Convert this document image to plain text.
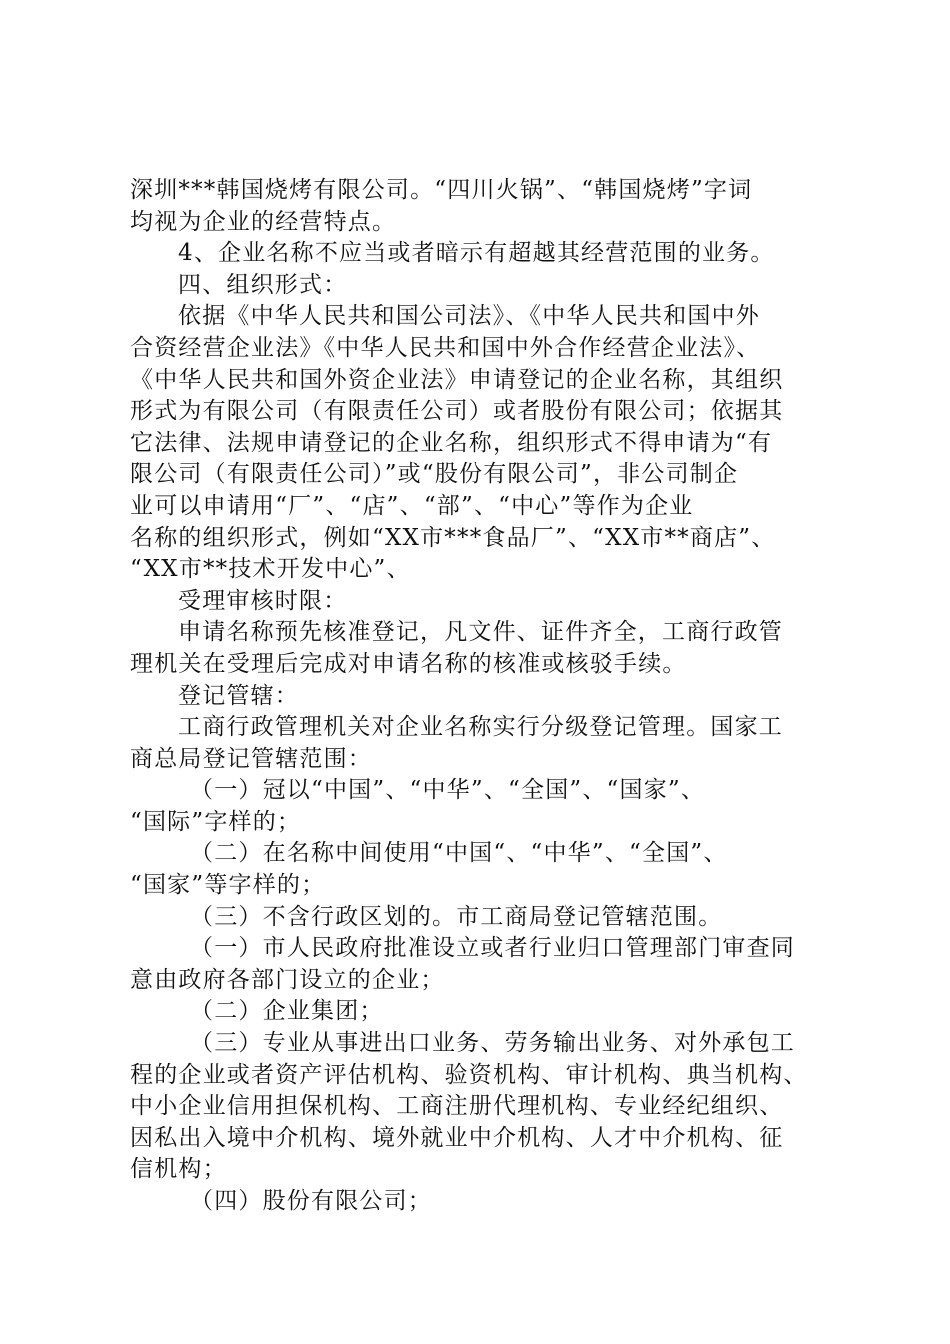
深圳***韩国烧烤有限公司。“四川火锅”、“韩国烧烤”字词
均视为企业的经营特点。
4、企业名称不应当或者暗示有超越其经营范围的业务。
四、组织形式：
依据《中华人民共和国公司法》、《中华人民共和国中外
合资经营企业法》《中华人民共和国中外合作经营企业法》、
《中华人民共和国外资企业法》申请登记的企业名称，其组织
形式为有限公司（有限责任公司）或者股份有限公司；依据其
它法律、法规申请登记的企业名称，组织形式不得申请为“有
限公司（有限责任公司）”或“股份有限公司”，非公司制企
业可以申请用“厂”、“店”、“部”、“中心”等作为企业
名称的组织形式，例如“XX市***食品厂”、“XX市**商店”、
“XX市**技术开发中心”、
受理审核时限：
申请名称预先核准登记，凡文件、证件齐全，工商行政管
理机关在受理后完成对申请名称的核准或核驳手续。
登记管辖：
工商行政管理机关对企业名称实行分级登记管理。国家工
商总局登记管辖范围：
（一）冠以“中国”、“中华”、“全国”、“国家”、
“国际”字样的；
（二）在名称中间使用“中国“、“中华”、“全国”、
“国家”等字样的；
（三）不含行政区划的。市工商局登记管辖范围。
（一）市人民政府批准设立或者行业归口管理部门审查同
意由政府各部门设立的企业；
（二）企业集团；
（三）专业从事进出口业务、劳务输出业务、对外承包工
程的企业或者资产评估机构、验资机构、审计机构、典当机构、
中小企业信用担保机构、工商注册代理机构、专业经纪组织、
因私出入境中介机构、境外就业中介机构、人才中介机构、征
信机构；
（四）股份有限公司；
